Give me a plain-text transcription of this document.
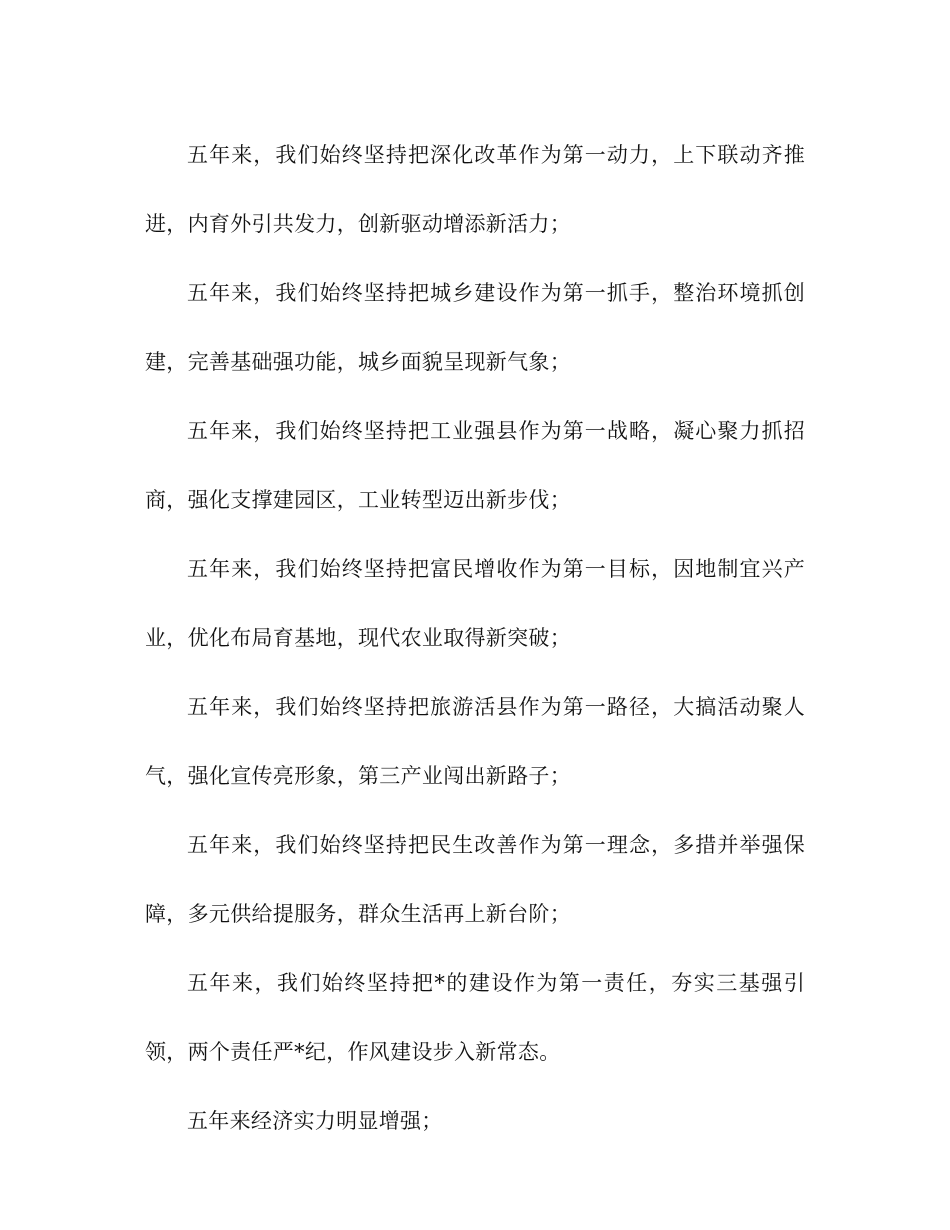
五年来，我们始终坚持把深化改革作为第一动力，上下联动齐推进，内育外引共发力，创新驱动增添新活力；

五年来，我们始终坚持把城乡建设作为第一抓手，整治环境抓创建，完善基础强功能，城乡面貌呈现新气象；

五年来，我们始终坚持把工业强县作为第一战略，凝心聚力抓招商，强化支撑建园区，工业转型迈出新步伐；

五年来，我们始终坚持把富民增收作为第一目标，因地制宜兴产业，优化布局育基地，现代农业取得新突破；

五年来，我们始终坚持把旅游活县作为第一路径，大搞活动聚人气，强化宣传亮形象，第三产业闯出新路子；

五年来，我们始终坚持把民生改善作为第一理念，多措并举强保障，多元供给提服务，群众生活再上新台阶；

五年来，我们始终坚持把*的建设作为第一责任，夯实三基强引领，两个责任严*纪，作风建设步入新常态。

五年来经济实力明显增强；
